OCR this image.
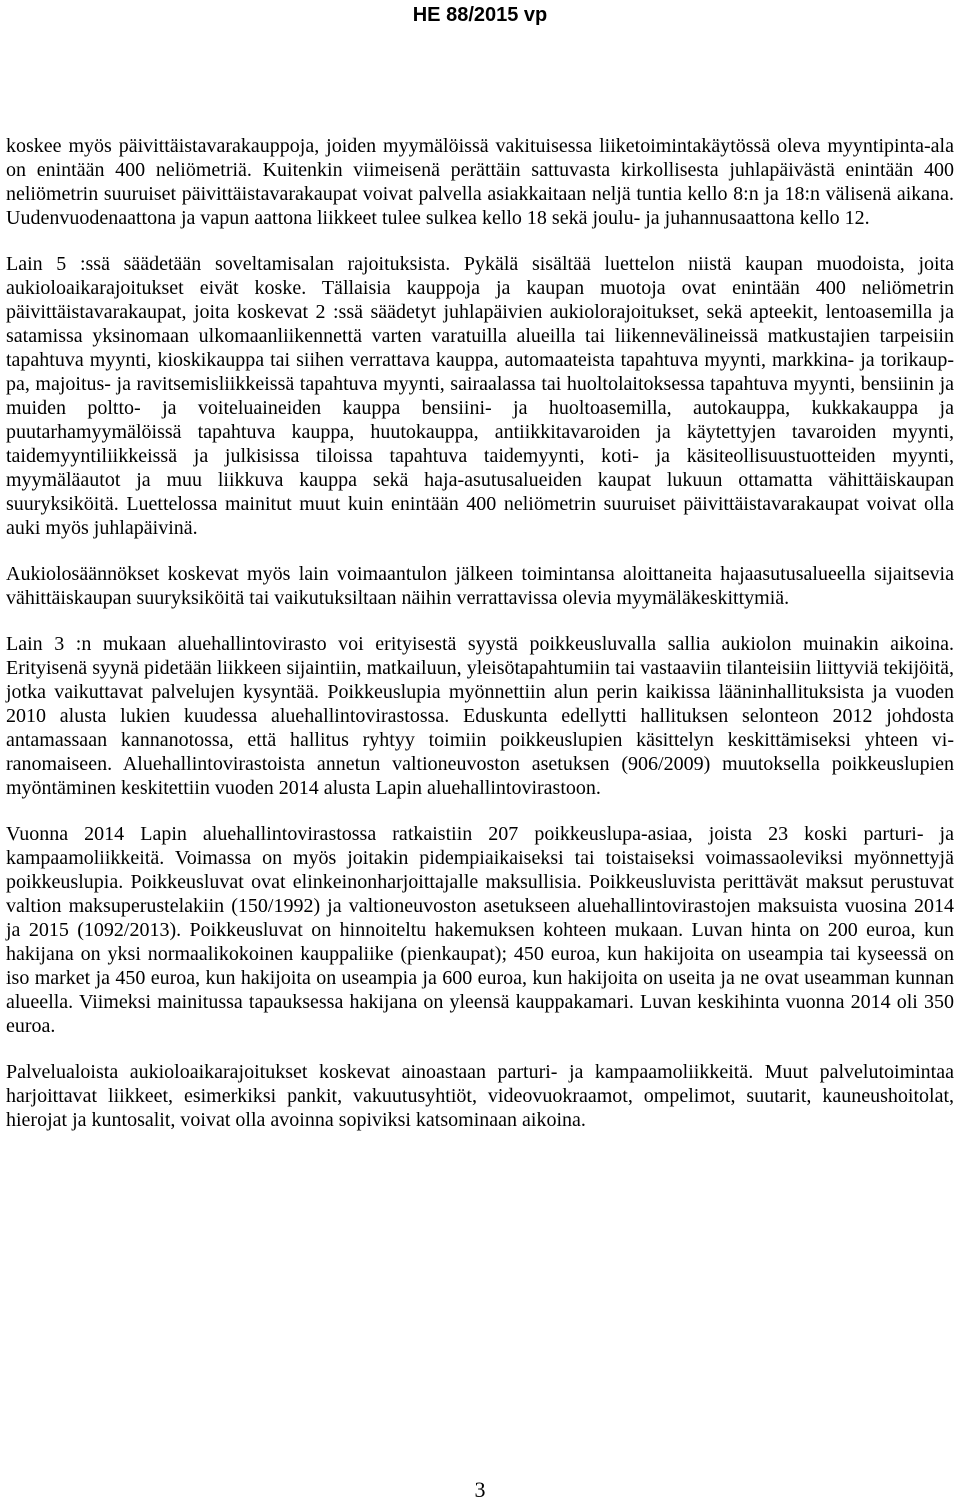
HE 88/2015 vp

koskee myös päivittäistavarakauppoja, joiden myymälöissä vakituisessa liiketoimintakäytössä oleva myyntipinta-ala on enintään 400 neliömetriä. Kuitenkin viimeisenä perättäin sattuvasta kirkollisesta juhlapäivästä enintään 400 neliömetrin suuruiset päivittäistavarakaupat voivat palvella asiakkaitaan neljä tuntia kello 8:n ja 18:n välisenä aikana. Uudenvuodenaattona ja vapun aattona liikkeet tulee sulkea kello 18 sekä joulu- ja juhannusaattona kello 12.

Lain 5 :ssä säädetään soveltamisalan rajoituksista. Pykälä sisältää luettelon niistä kaupan muodoista, joita aukioloaikarajoitukset eivät koske. Tällaisia kauppoja ja kaupan muotoja ovat enintään 400 neliömetrin päivittäistavarakaupat, joita koskevat 2 :ssä säädetyt juhlapäivien aukiolorajoitukset, sekä apteekit, lentoasemilla ja satamissa yksinomaan ulkomaanliikennettä varten varatuilla alueilla tai liikennevälineissä matkustajien tarpeisiin tapahtuva myynti, kioskikauppa tai siihen verrattava kauppa, automaateista tapahtuva myynti, markkina- ja torikauppa, majoitus- ja ravitsemisliikkeissä tapahtuva myynti, sairaalassa tai huoltolaitoksessa tapahtuva myynti, bensiinin ja muiden poltto- ja voiteluaineiden kauppa bensiini- ja huoltoasemilla, autokauppa, kukkakauppa ja puutarhamyymälöissä tapahtuva kauppa, huutokauppa, antiikkitavaroiden ja käytettyjen tavaroiden myynti, taidemyyntiliikkeissä ja julkisissa tiloissa tapahtuva taidemyynti, koti- ja käsiteollisuustuotteiden myynti, myymäläautot ja muu liikkuva kauppa sekä haja-asutusalueiden kaupat lukuun ottamatta vähittäiskaupan suuryksiköitä. Luettelossa mainitut muut kuin enintään 400 neliömetrin suuruiset päivittäistavarakaupat voivat olla auki myös juhlapäivinä.

Aukiolosäännökset koskevat myös lain voimaantulon jälkeen toimintansa aloittaneita hajaasutusalueella sijaitsevia vähittäiskaupan suuryksiköitä tai vaikutuksiltaan näihin verrattavissa olevia myymäläkeskittymiä.

Lain 3 :n mukaan aluehallintovirasto voi erityisestä syystä poikkeusluvalla sallia aukiolon muinakin aikoina. Erityisenä syynä pidetään liikkeen sijaintiin, matkailuun, yleisötapahtumiin tai vastaaviin tilanteisiin liittyviä tekijöitä, jotka vaikuttavat palvelujen kysyntää. Poikkeuslupia myönnettiin alun perin kaikissa lääninhallituksista ja vuoden 2010 alusta lukien kuudessa aluehallintovirastossa. Eduskunta edellytti hallituksen selonteon 2012 johdosta antamassaan kannanotossa, että hallitus ryhtyy toimiin poikkeuslupien käsittelyn keskittämiseksi yhteen viranomaiseen. Aluehallintovirastoista annetun valtioneuvoston asetuksen (906/2009) muutoksella poikkeuslupien myöntäminen keskitettiin vuoden 2014 alusta Lapin aluehallintovirastoon.

Vuonna 2014 Lapin aluehallintovirastossa ratkaistiin 207 poikkeuslupa-asiaa, joista 23 koski parturi- ja kampaamoliikkeitä. Voimassa on myös joitakin pidempiaikaiseksi tai toistaiseksi voimassaoleviksi myönnettyjä poikkeuslupia. Poikkeusluvat ovat elinkeinonharjoittajalle maksullisia. Poikkeusluvista perittävät maksut perustuvat valtion maksuperustelakiin (150/1992) ja valtioneuvoston asetukseen aluehallintovirastojen maksuista vuosina 2014 ja 2015 (1092/2013). Poikkeusluvat on hinnoiteltu hakemuksen kohteen mukaan. Luvan hinta on 200 euroa, kun hakijana on yksi normaalikokoinen kauppaliike (pienkaupat); 450 euroa, kun hakijoita on useampia tai kyseessä on iso market ja 450 euroa, kun hakijoita on useampia ja 600 euroa, kun hakijoita on useita ja ne ovat useamman kunnan alueella. Viimeksi mainitussa tapauksessa hakijana on yleensä kauppakamari. Luvan keskihinta vuonna 2014 oli 350 euroa.

Palvelualoista aukioloaikarajoitukset koskevat ainoastaan parturi- ja kampaamoliikkeitä. Muut palvelutoimintaa harjoittavat liikkeet, esimerkiksi pankit, vakuutusyhtiöt, videovuokraamot, ompelimot, suutarit, kauneushoitolat, hierojat ja kuntosalit, voivat olla avoinna sopiviksi katsominaan aikoina.

3
